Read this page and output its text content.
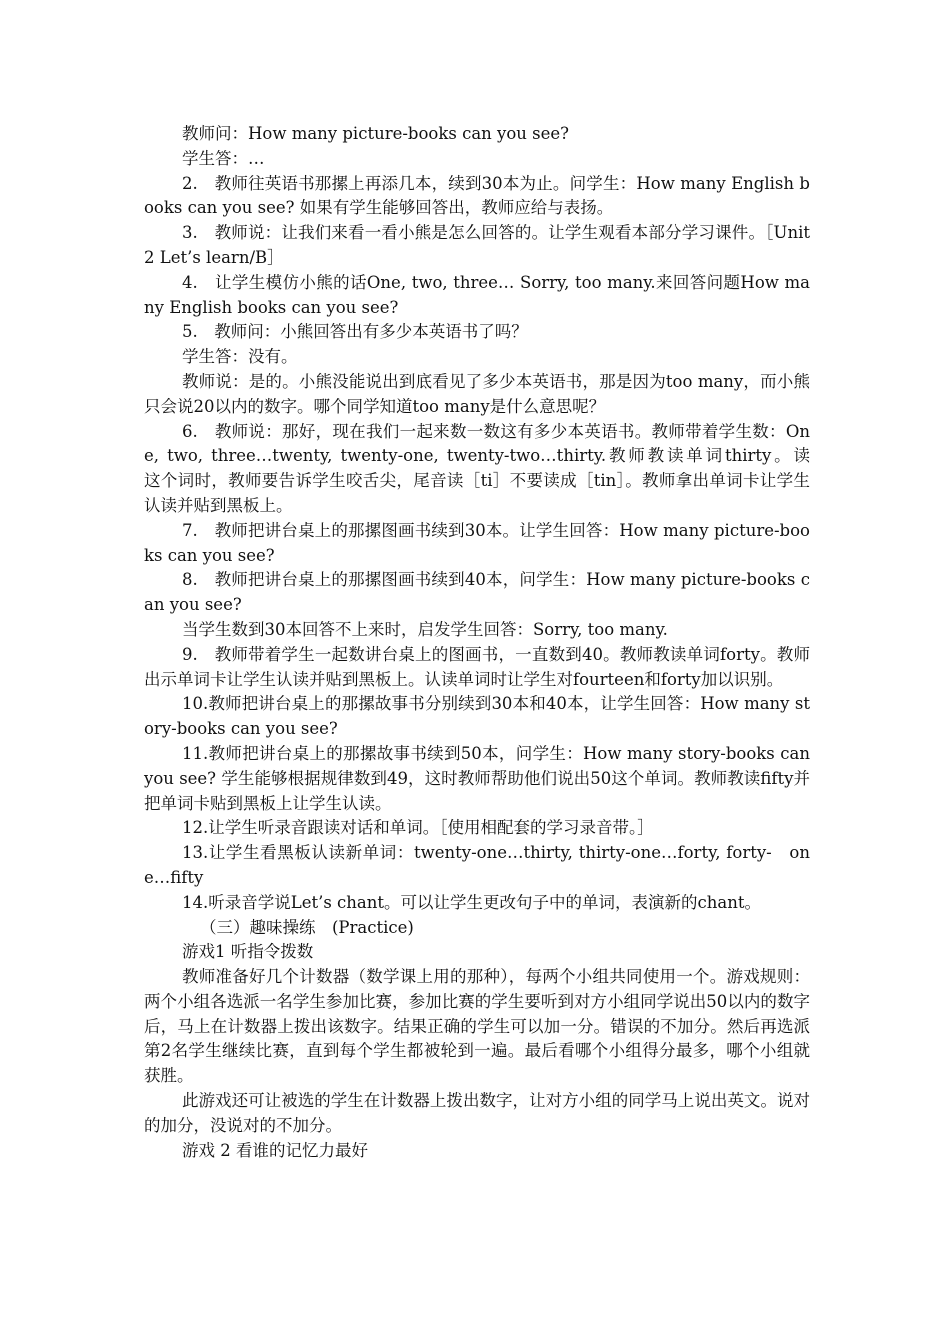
教师问：How many picture-books can you see?

学生答：…

2.　教师往英语书那摞上再添几本，续到30本为止。问学生：How many English books can you see? 如果有学生能够回答出，教师应给与表扬。

3.　教师说：让我们来看一看小熊是怎么回答的。让学生观看本部分学习课件。［Unit 2 Let’s learn/B］

4.　让学生模仿小熊的话One, two, three… Sorry, too many.来回答问题How many English books can you see?

5.　教师问：小熊回答出有多少本英语书了吗？

学生答：没有。

教师说：是的。小熊没能说出到底看见了多少本英语书，那是因为too many，而小熊只会说20以内的数字。哪个同学知道too many是什么意思呢？

6.　教师说：那好，现在我们一起来数一数这有多少本英语书。教师带着学生数：One, two, three…twenty, twenty-one, twenty-two…thirty.教师教读单词thirty。读　　这个词时，教师要告诉学生咬舌尖，尾音读［ti］不要读成［tin］。教师拿出单词卡让学生认读并贴到黑板上。

7.　教师把讲台桌上的那摞图画书续到30本。让学生回答：How many picture-books can you see?

8.　教师把讲台桌上的那摞图画书续到40本，问学生：How many picture-books can you see?

当学生数到30本回答不上来时，启发学生回答：Sorry, too many.

9.　教师带着学生一起数讲台桌上的图画书，一直数到40。教师教读单词forty。教师出示单词卡让学生认读并贴到黑板上。认读单词时让学生对fourteen和forty加以识别。

10.教师把讲台桌上的那摞故事书分别续到30本和40本，让学生回答：How many story-books can you see?

11.教师把讲台桌上的那摞故事书续到50本，问学生：How many story-books can you see? 学生能够根据规律数到49，这时教师帮助他们说出50这个单词。教师教读fifty并把单词卡贴到黑板上让学生认读。

12.让学生听录音跟读对话和单词。［使用相配套的学习录音带。］

13.让学生看黑板认读新单词：twenty-one…thirty, thirty-one…forty, forty-　one…fifty

14.听录音学说Let’s chant。可以让学生更改句子中的单词，表演新的chant。

（三）趣味操练　(Practice)

游戏1 听指令拨数

教师准备好几个计数器（数学课上用的那种），每两个小组共同使用一个。游戏规则：两个小组各选派一名学生参加比赛，参加比赛的学生要听到对方小组同学说出50以内的数字后，马上在计数器上拨出该数字。结果正确的学生可以加一分。错误的不加分。然后再选派第2名学生继续比赛，直到每个学生都被轮到一遍。最后看哪个小组得分最多，哪个小组就获胜。

此游戏还可让被选的学生在计数器上拨出数字，让对方小组的同学马上说出英文。说对的加分，没说对的不加分。

游戏 2 看谁的记忆力最好
